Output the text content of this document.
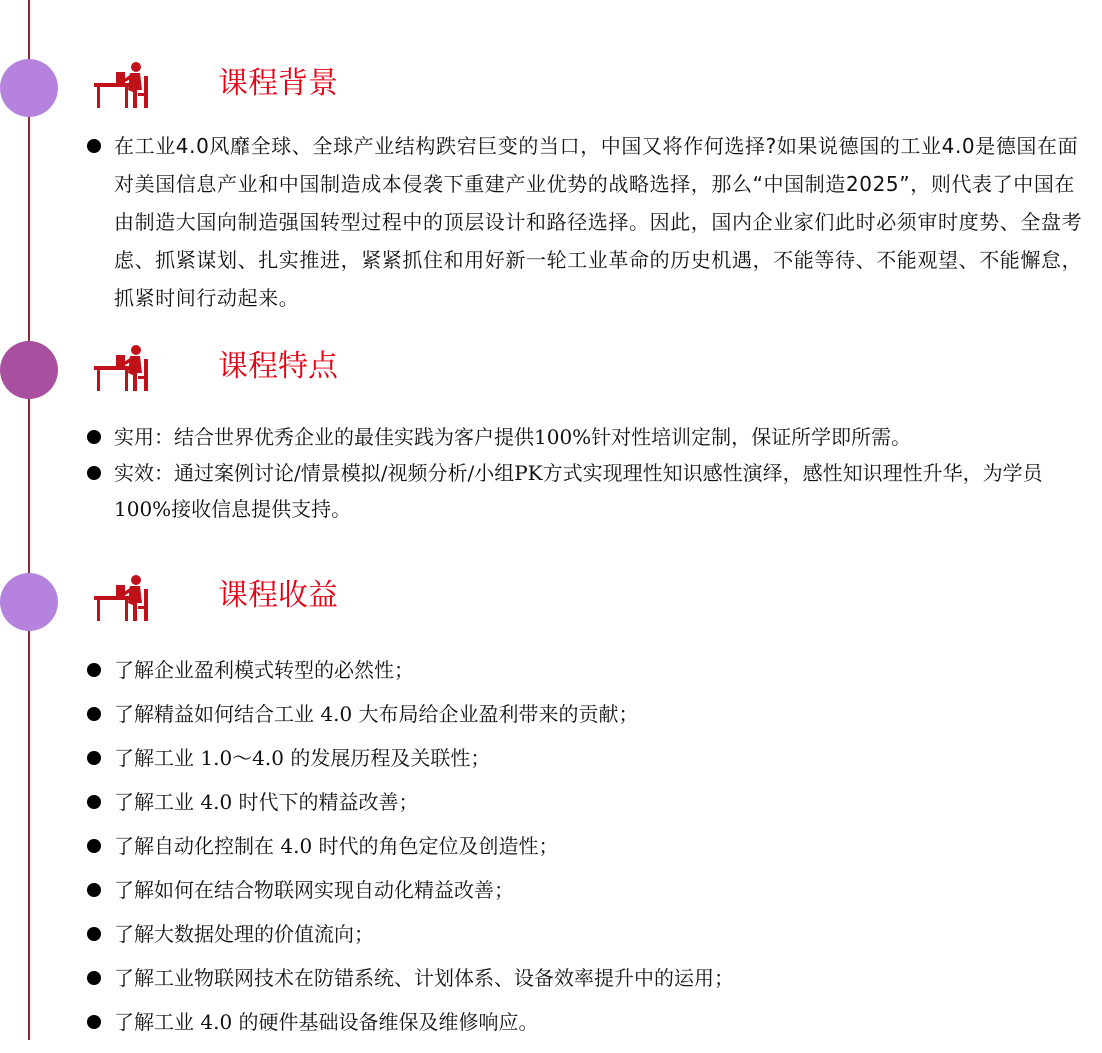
课程背景
在工业4.0风靡全球、全球产业结构跌宕巨变的当口，中国又将作何选择?如果说德国的工业4.0是德国在面对美国信息产业和中国制造成本侵袭下重建产业优势的战略选择，那么“中国制造2025”，则代表了中国在由制造大国向制造强国转型过程中的顶层设计和路径选择。因此，国内企业家们此时必须审时度势、全盘考虑、抓紧谋划、扎实推进，紧紧抓住和用好新一轮工业革命的历史机遇，不能等待、不能观望、不能懈怠，抓紧时间行动起来。
课程特点
实用：结合世界优秀企业的最佳实践为客户提供100%针对性培训定制，保证所学即所需。
实效：通过案例讨论/情景模拟/视频分析/小组PK方式实现理性知识感性演绎，感性知识理性升华，为学员100%接收信息提供支持。
课程收益
了解企业盈利模式转型的必然性；
了解精益如何结合工业 4.0 大布局给企业盈利带来的贡献；
了解工业 1.0～4.0 的发展历程及关联性；
了解工业 4.0 时代下的精益改善；
了解自动化控制在 4.0 时代的角色定位及创造性；
了解如何在结合物联网实现自动化精益改善；
了解大数据处理的价值流向；
了解工业物联网技术在防错系统、计划体系、设备效率提升中的运用；
了解工业 4.0 的硬件基础设备维保及维修响应。
